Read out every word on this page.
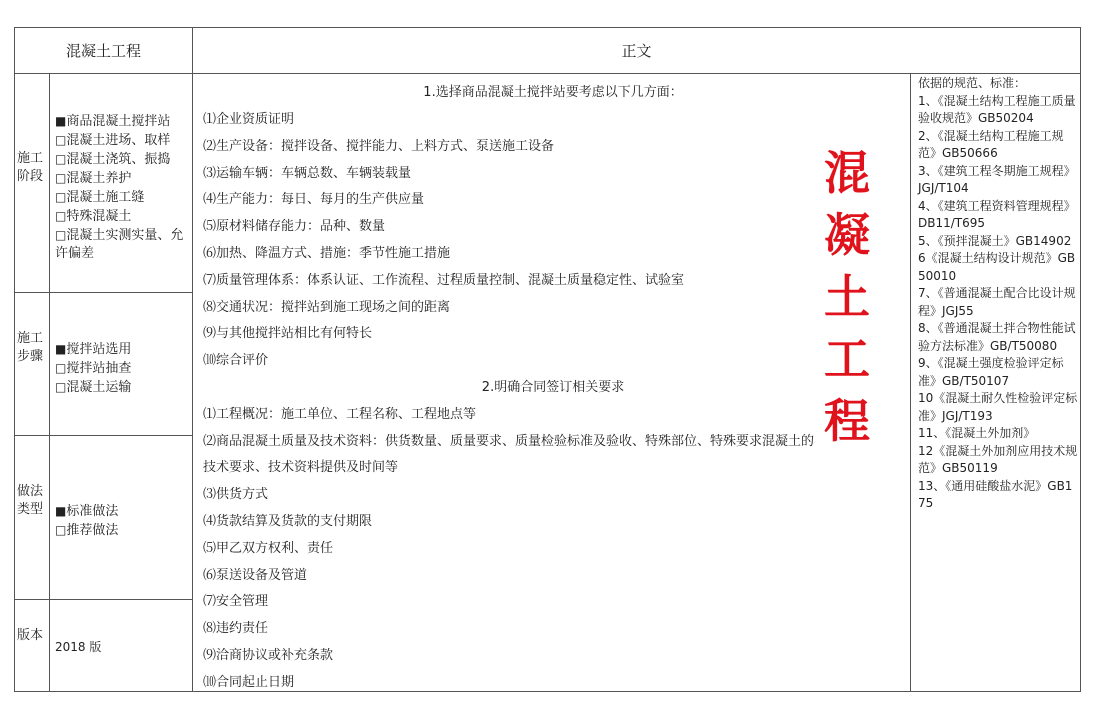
混凝土工程	正文
施工阶段
■商品混凝土搅拌站
□混凝土进场、取样
□混凝土浇筑、振捣
□混凝土养护
□混凝土施工缝
□特殊混凝土
□混凝土实测实量、允许偏差
施工步骤 ■搅拌站选用
□搅拌站抽查
□混凝土运输
做法类型 ■标准做法
□推荐做法
版本
2018 版
1.选择商品混凝土搅拌站要考虑以下几方面：
⑴企业资质证明
⑵生产设备：搅拌设备、搅拌能力、上料方式、泵送施工设备
⑶运输车辆：车辆总数、车辆装载量
⑷生产能力：每日、每月的生产供应量
⑸原材料储存能力：品种、数量
⑹加热、降温方式、措施：季节性施工措施
⑺质量管理体系：体系认证、工作流程、过程质量控制、混凝土质量稳定性、试验室
⑻交通状况：搅拌站到施工现场之间的距离
⑼与其他搅拌站相比有何特长
⑽综合评价
2.明确合同签订相关要求
⑴工程概况：施工单位、工程名称、工程地点等
⑵商品混凝土质量及技术资料：供货数量、质量要求、质量检验标准及验收、特殊部位、特殊要求混凝土的
技术要求、技术资料提供及时间等
⑶供货方式
⑷货款结算及货款的支付期限
⑸甲乙双方权利、责任
⑹泵送设备及管道
⑺安全管理
⑻违约责任
⑼洽商协议或补充条款
⑽合同起止日期
混凝土工程
依据的规范、标准：
1、《混凝土结构工程施工质量验收规范》GB50204
2、《混凝土结构工程施工规范》GB50666
3、《建筑工程冬期施工规程》JGJ/T104
4、《建筑工程资料管理规程》DB11/T695
5、《预拌混凝土》GB14902
6《混凝土结构设计规范》GB50010
7、《普通混凝土配合比设计规程》JGJ55
8、《普通混凝土拌合物性能试验方法标准》GB/T50080
9、《混凝土强度检验评定标准》GB/T50107
10《混凝土耐久性检验评定标准》JGJ/T193
11、《混凝土外加剂》
12《混凝土外加剂应用技术规范》GB50119
13、《通用硅酸盐水泥》GB175
